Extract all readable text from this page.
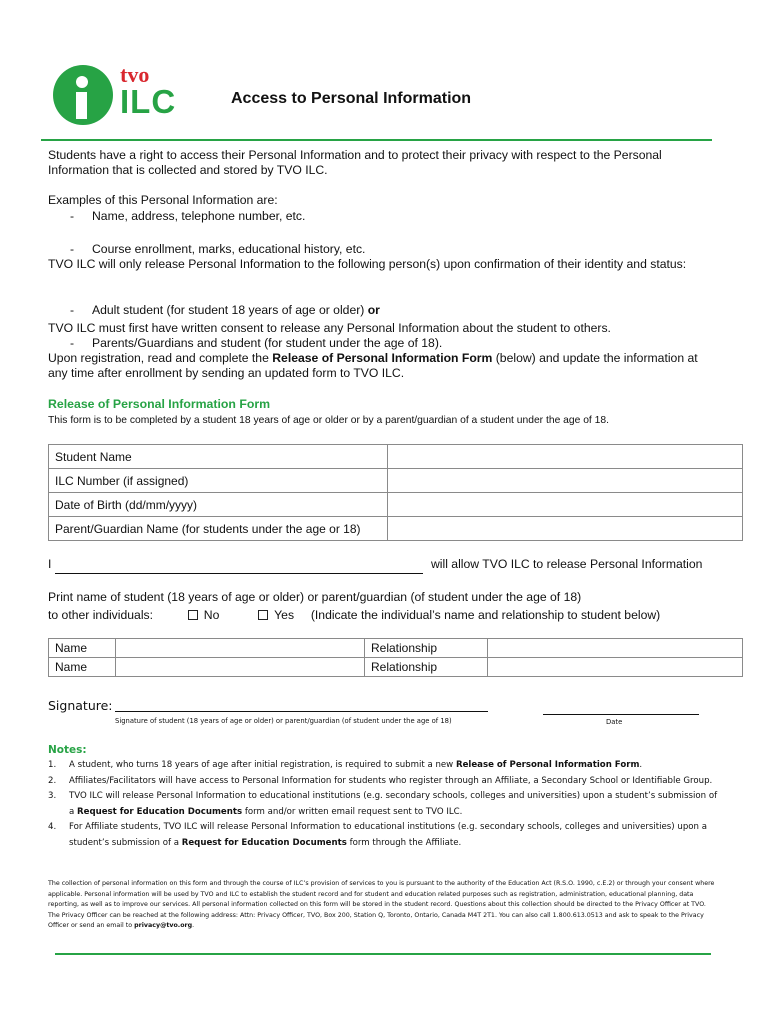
tvo
ILC	Access to Personal Information
Students have a right to access their Personal Information and to protect their privacy with respect to the Personal Information that is collected and stored by TVO ILC.
Examples of this Personal Information are:
- Name, address, telephone number, etc.
- Course enrollment, marks, educational history, etc.
TVO ILC will only release Personal Information to the following person(s) upon confirmation of their identity and status:
- Adult student (for student 18 years of age or older) or
- Parents/Guardians and student (for student under the age of 18).
TVO ILC must first have written consent to release any Personal Information about the student to others.
Upon registration, read and complete the Release of Personal Information Form (below) and update the information at any time after enrollment by sending an updated form to TVO ILC.
Release of Personal Information Form
This form is to be completed by a student 18 years of age or older or by a parent/guardian of a student under the age of 18.
Student Name	
ILC Number (if assigned)	
Date of Birth (dd/mm/yyyy)	
Parent/Guardian Name (for students under the age or 18)	
I	will allow TVO ILC to release Personal Information
Print name of student (18 years of age or older) or parent/guardian (of student under the age of 18)
to other individuals:	No	Yes (Indicate the individual’s name and relationship to student below)
Name		Relationship	
Name		Relationship	
Signature:
Signature of student (18 years of age or older) or parent/guardian (of student under the age of 18)	Date
Notes:
1.	A student, who turns 18 years of age after initial registration, is required to submit a new Release of Personal Information Form.
2.	Affiliates/Facilitators will have access to Personal Information for students who register through an Affiliate, a Secondary School or Identifiable Group.
3.	TVO ILC will release Personal Information to educational institutions (e.g. secondary schools, colleges and universities) upon a student’s submission of a Request for Education Documents form and/or written email request sent to TVO ILC.
4.	For Affiliate students, TVO ILC will release Personal Information to educational institutions (e.g. secondary schools, colleges and universities) upon a student’s submission of a Request for Education Documents form through the Affiliate.
The collection of personal information on this form and through the course of ILC’s provision of services to you is pursuant to the authority of the Education Act (R.S.O. 1990, c.E.2) or through your consent where applicable. Personal information will be used by TVO and ILC to establish the student record and for student and education related purposes such as registration, administration, educational planning, data reporting, as well as to improve our services. All personal information collected on this form will be stored in the student record. Questions about this collection should be directed to the Privacy Officer at TVO. The Privacy Officer can be reached at the following address: Attn: Privacy Officer, TVO, Box 200, Station Q, Toronto, Ontario, Canada M4T 2T1. You can also call 1.800.613.0513 and ask to speak to the Privacy Officer or send an email to privacy@tvo.org.
